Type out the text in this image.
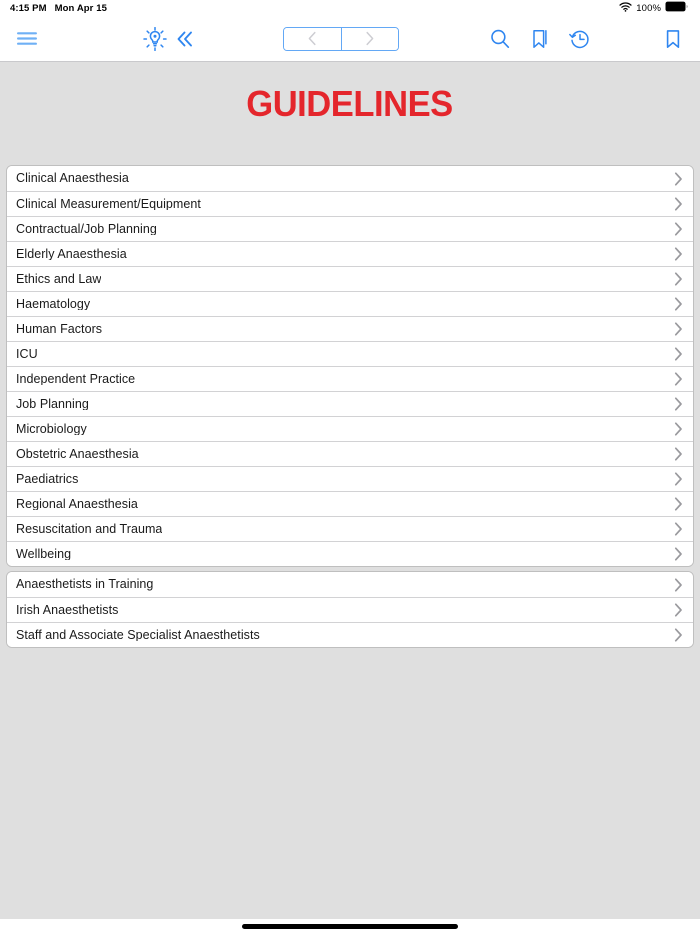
4:15 PM Mon Apr 15	100%
GUIDELINES
Clinical Anaesthesia
Clinical Measurement/Equipment
Contractual/Job Planning
Elderly Anaesthesia
Ethics and Law
Haematology
Human Factors
ICU
Independent Practice
Job Planning
Microbiology
Obstetric Anaesthesia
Paediatrics
Regional Anaesthesia
Resuscitation and Trauma
Wellbeing
Anaesthetists in Training
Irish Anaesthetists
Staff and Associate Specialist Anaesthetists
